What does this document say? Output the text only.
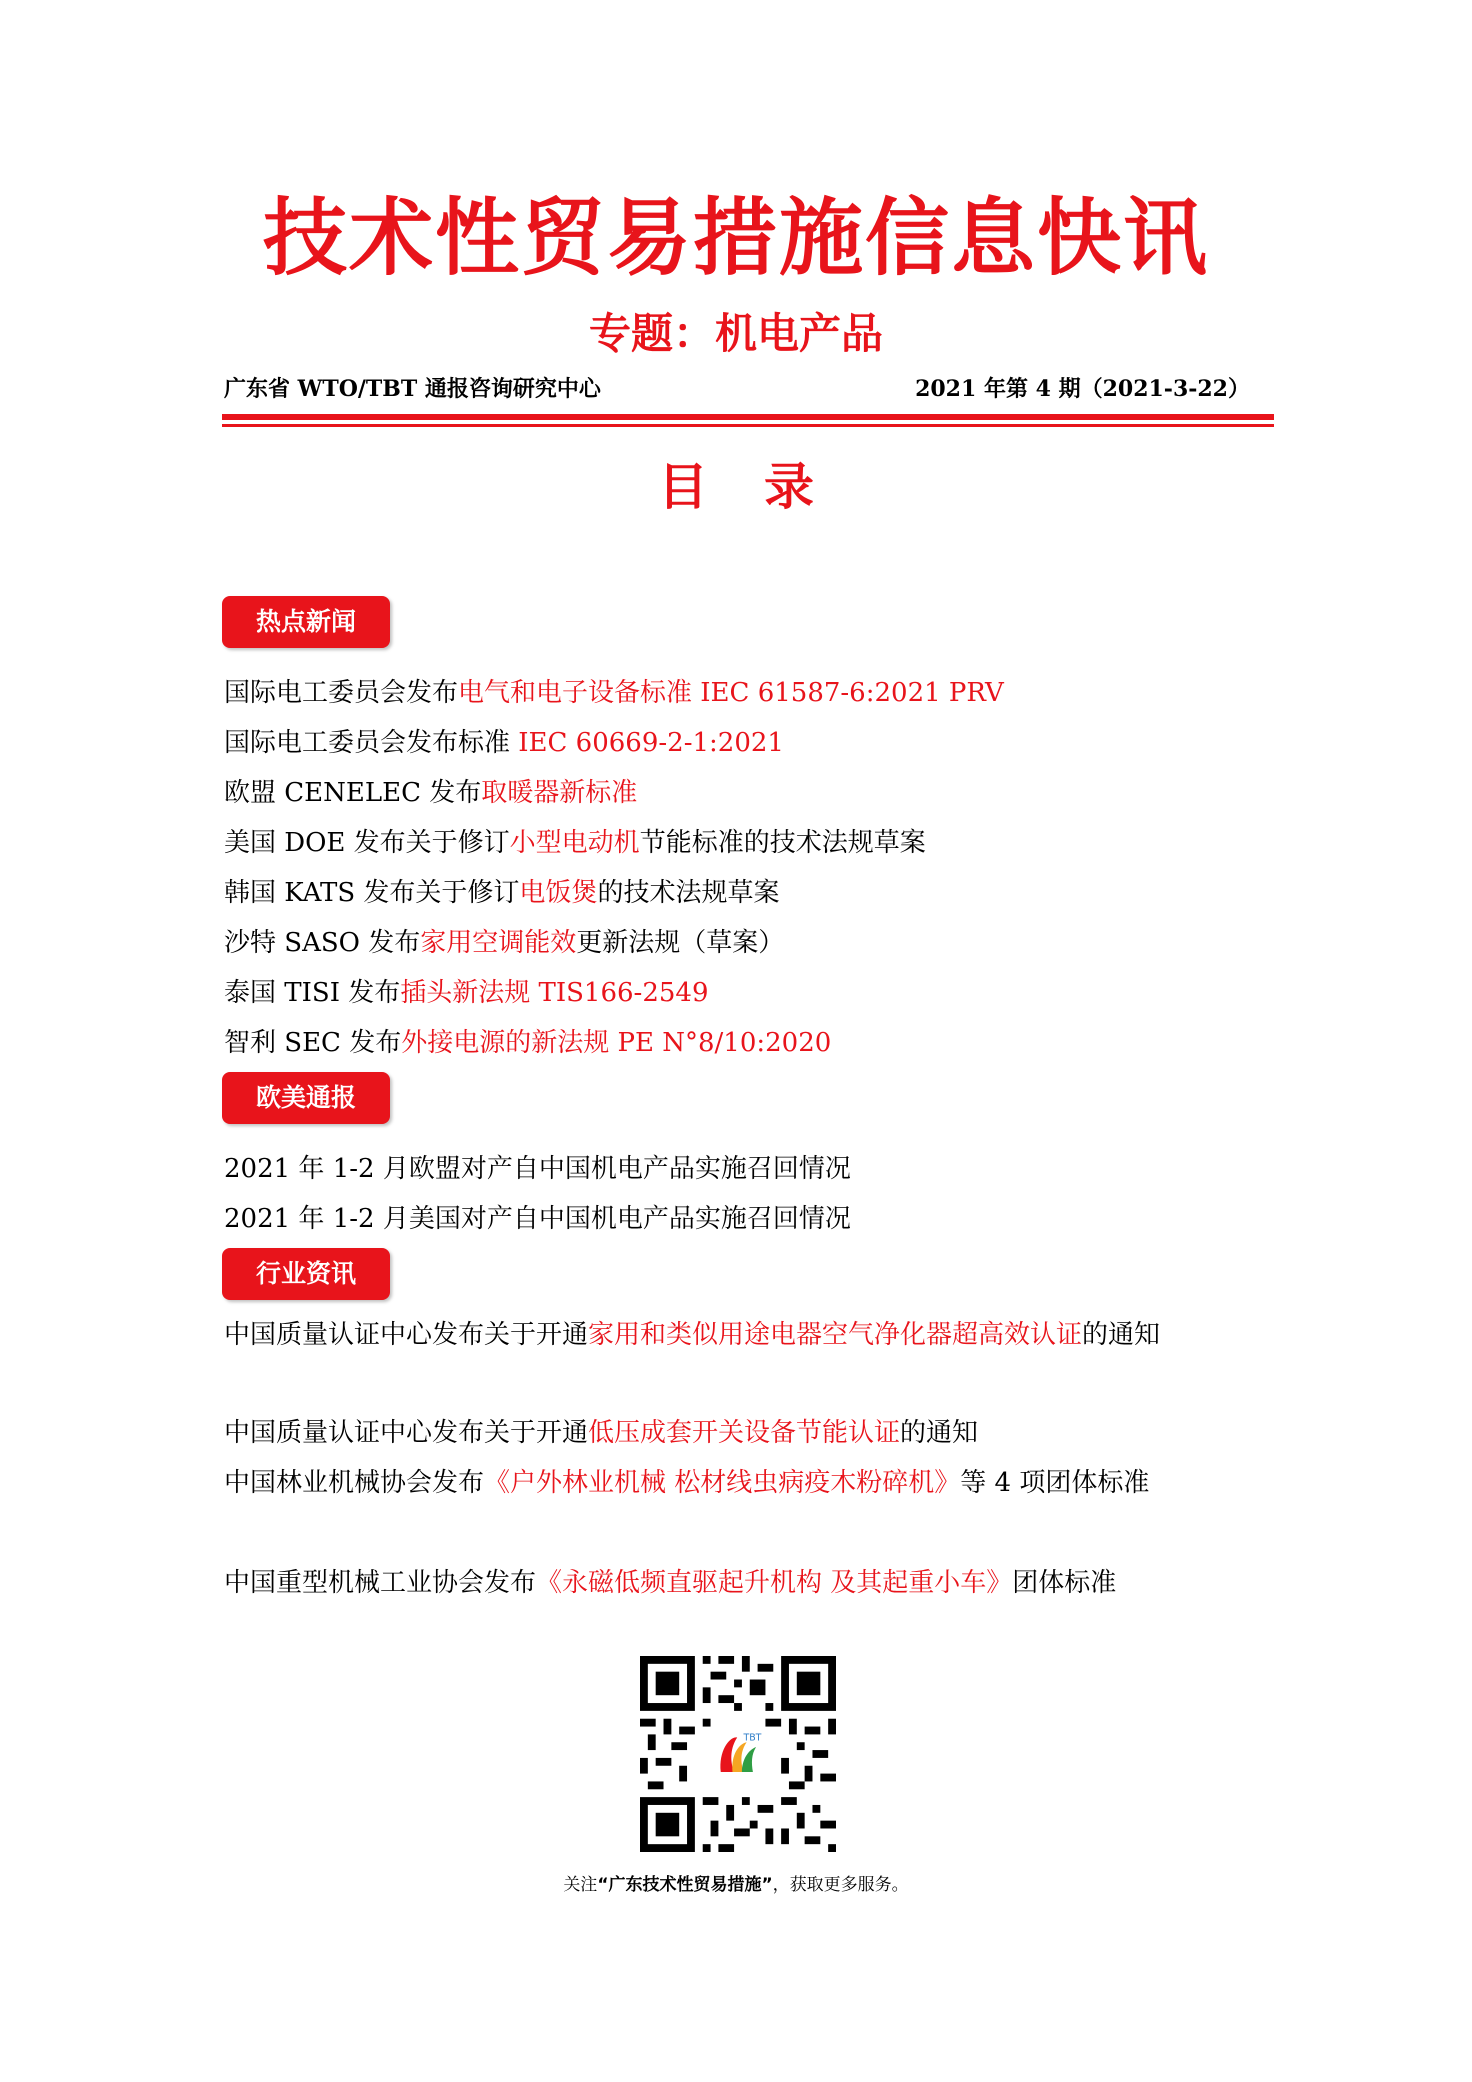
技术性贸易措施信息快讯
专题：机电产品
广东省 WTO/TBT 通报咨询研究中心	2021 年第 4 期（2021-3-22）
目录
热点新闻
国际电工委员会发布电气和电子设备标准 IEC 61587-6:2021 PRV
国际电工委员会发布标准 IEC 60669-2-1:2021
欧盟 CENELEC 发布取暖器新标准
美国 DOE 发布关于修订小型电动机节能标准的技术法规草案
韩国 KATS 发布关于修订电饭煲的技术法规草案
沙特 SASO 发布家用空调能效更新法规（草案）
泰国 TISI 发布插头新法规 TIS166-2549
智利 SEC 发布外接电源的新法规 PE N°8/10:2020
欧美通报
2021 年 1-2 月欧盟对产自中国机电产品实施召回情况
2021 年 1-2 月美国对产自中国机电产品实施召回情况
行业资讯
中国质量认证中心发布关于开通家用和类似用途电器空气净化器超高效认证的通知
中国质量认证中心发布关于开通低压成套开关设备节能认证的通知
中国林业机械协会发布《户外林业机械 松材线虫病疫木粉碎机》等 4 项团体标准
中国重型机械工业协会发布《永磁低频直驱起升机构 及其起重小车》团体标准
TBT
关注“广东技术性贸易措施”，获取更多服务。
